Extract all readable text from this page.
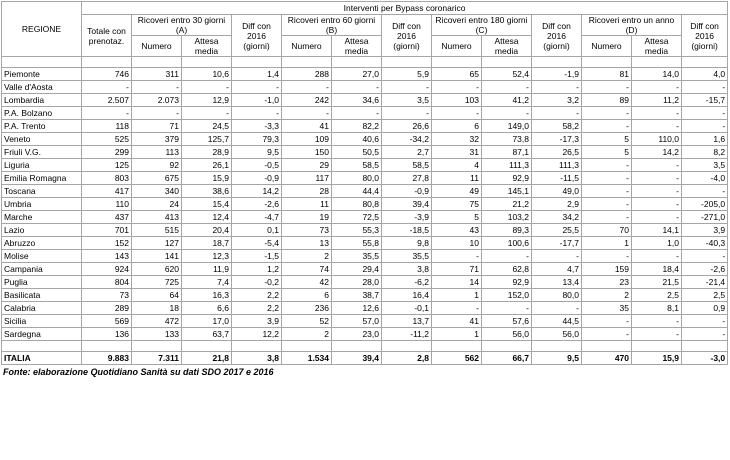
REGIONE	Interventi per Bypass coronarico												
	Totale con prenotaz.	Ricoveri entro 30 giorni (A)		Diff con 2016 (giorni)	Ricoveri entro 60 giorni (B)		Diff con 2016 (giorni)	Ricoveri entro 180 giorni (C)		Diff con 2016 (giorni)	Ricoveri entro un anno (D)		Diff con 2016 (giorni)
		Numero	Attesa media		Numero	Attesa media		Numero	Attesa media		Numero	Attesa media	

Piemonte	746	311	10,6	1,4	288	27,0	5,9	65	52,4	-1,9	81	14,0	4,0
Valle d'Aosta	-	-	-	-	-	-	-	-	-	-	-	-	-
Lombardia	2.507	2.073	12,9	-1,0	242	34,6	3,5	103	41,2	3,2	89	11,2	-15,7
P.A. Bolzano	-	-	-	-	-	-	-	-	-	-	-	-	-
P.A. Trento	118	71	24,5	-3,3	41	82,2	26,6	6	149,0	58,2	-	-	-
Veneto	525	379	125,7	79,3	109	40,6	-34,2	32	73,8	-17,3	5	110,0	1,6
Friuli V.G.	299	113	28,9	9,5	150	50,5	2,7	31	87,1	26,5	5	14,2	8,2
Liguria	125	92	26,1	-0,5	29	58,5	58,5	4	111,3	111,3	-	-	3,5
Emilia Romagna	803	675	15,9	-0,9	117	80,0	27,8	11	92,9	-11,5	-	-	-4,0
Toscana	417	340	38,6	14,2	28	44,4	-0,9	49	145,1	49,0	-	-	-
Umbria	110	24	15,4	-2,6	11	80,8	39,4	75	21,2	2,9	-	-	-205,0
Marche	437	413	12,4	-4,7	19	72,5	-3,9	5	103,2	34,2	-	-	-271,0
Lazio	701	515	20,4	0,1	73	55,3	-18,5	43	89,3	25,5	70	14,1	3,9
Abruzzo	152	127	18,7	-5,4	13	55,8	9,8	10	100,6	-17,7	1	1,0	-40,3
Molise	143	141	12,3	-1,5	2	35,5	35,5	-	-	-	-	-	-
Campania	924	620	11,9	1,2	74	29,4	3,8	71	62,8	4,7	159	18,4	-2,6
Puglia	804	725	7,4	-0,2	42	28,0	-6,2	14	92,9	13,4	23	21,5	-21,4
Basilicata	73	64	16,3	2,2	6	38,7	16,4	1	152,0	80,0	2	2,5	2,5
Calabria	289	18	6,6	2,2	236	12,6	-0,1	-	-	-	35	8,1	0,9
Sicilia	569	472	17,0	3,9	52	57,0	13,7	41	57,6	44,5	-	-	-
Sardegna	136	133	63,7	12,2	2	23,0	-11,2	1	56,0	56,0	-	-	-

ITALIA	9.883	7.311	21,8	3,8	1.534	39,4	2,8	562	66,7	9,5	470	15,9	-3,0
Fonte: elaborazione Quotidiano Sanità su dati SDO 2017 e 2016
